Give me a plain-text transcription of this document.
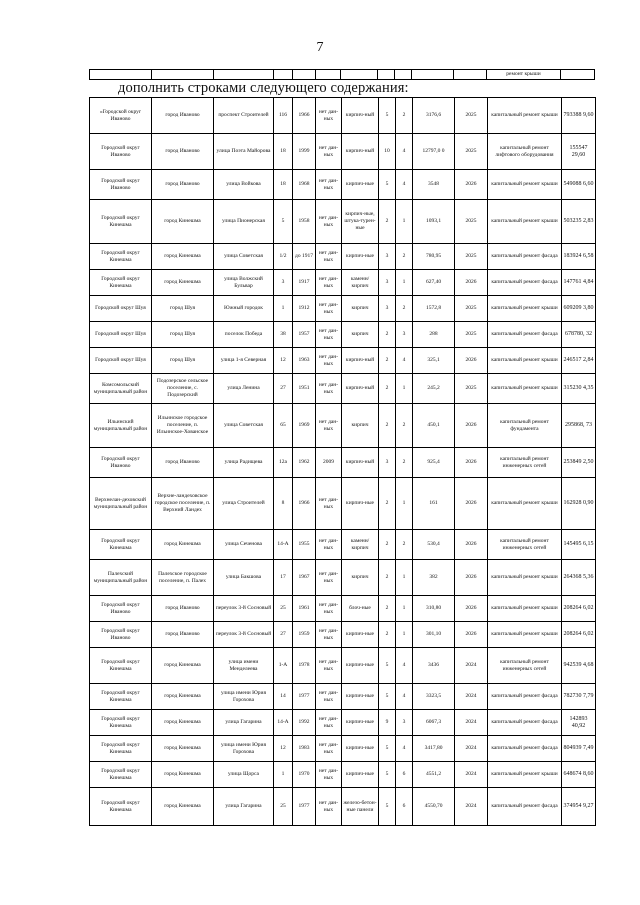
7
											ремонт крыши	
дополнить строками следующего содержания:
«Городской округ Иваново	город Иваново	проспект Строителей	116	1966	нет дан-ных	кирпич-ный	5	2	3176,6	2025	капитальный ремонт крыши	793388 9,60
Городской округ Иваново	город Иваново	улица Поэта Майорова	18	1999	нет дан-ных	кирпич-ный	10	4	12797,0 0	2025	капитальный ремонт лифтового оборудования	155547 29,60
Городской округ Иваново	город Иваново	улица Войкова	18	1968	нет дан-ных	кирпич-ные	5	4	3548	2026	капитальный ремонт крыши	549088 6,60
Городской округ Кинешма	город Кинешма	улица Пионерская	5	1958	нет дан-ных	кирпич-ные, штука-турен-ные	2	1	1093,1	2025	капитальный ремонт крыши	503235 2,83
Городской округ Кинешма	город Кинешма	улица Советская	1/2	до 1917	нет дан-ных	кирпич-ные	3	2	780,95	2025	капитальный ремонт фасада	183924 6,58
Городской округ Кинешма	город Кинешма	улица Волжский Бульвар	3	1917	нет дан-ных	каменн/ кирпич	3	1	627,40	2026	капитальный ремонт фасада	147761 4,84
Городской округ Шуя	город Шуя	Южный городок	1	1912	нет дан-ных	кирпич	3	2	1572,8	2025	капитальный ремонт крыши	609209 3,80
Городской округ Шуя	город Шуя	поселок Победа	38	1957	нет дан-ных	кирпич	2	3	288	2025	капитальный ремонт фасада	678780, 32
Городской округ Шуя	город Шуя	улица 1-я Северная	12	1963	нет дан-ных	кирпич-ный	2	4	325,1	2026	капитальный ремонт крыши	246517 2,84
Комсомольский муниципальный район	Подозерское сельское поселение, с. Подозерский	улица Ленина	27	1951	нет дан-ных	кирпич-ный	2	1	245,2	2025	капитальный ремонт крыши	315230 4,35
Ильинский муниципальный район	Ильинское городское поселение, п. Ильинское-Хованское	улица Советская	65	1969	нет дан-ных	кирпич	2	2	450,1	2026	капитальный ремонт фундамента	295868, 73
Городской округ Иваново	город Иваново	улица Радищева	12а	1962	2009	кирпич-ный	3	2	925,4	2026	капитальный ремонт инженерных сетей	253849 2,50
Верхнелан-деховский муниципальный район	Верхне-ландеховское городское поселение, п. Верхний Ландех	улица Строителей	8	1966	нет дан-ных	кирпич-ные	2	1	161	2026	капитальный ремонт крыши	162928 0,90
Городской округ Кинешма	город Кинешма	улица Сеченова	14-А	1955	нет дан-ных	каменн/ кирпич	2	2	530,4	2026	капитальный ремонт инженерных сетей	145495 6,15
Палехский муниципальный район	Палехское городское поселение, п. Палех	улица Бакшова	17	1967	нет дан-ных	кирпич	2	1	382	2026	капитальный ремонт крыши	264368 5,36
Городской округ Иваново	город Иваново	переулок 3-й Сосновый	25	1961	нет дан-ных	блоч-ные	2	1	310,80	2026	капитальный ремонт крыши	208264 6,02
Городской округ Иваново	город Иваново	переулок 3-й Сосновый	27	1959	нет дан-ных	кирпич-ные	2	1	301,10	2026	капитальный ремонт крыши	208264 6,02
Городской округ Кинешма	город Кинешма	улица имени Менделеева	1-А	1978	нет дан-ных	кирпич-ные	5	4	3436	2024	капитальный ремонт инженерных сетей	942539 4,68
Городской округ Кинешма	город Кинешма	улица имени Юрия Горохова	14	1977	нет дан-ных	кирпич-ные	5	4	3323,5	2024	капитальный ремонт фасада	782730 7,79
Городской округ Кинешма	город Кинешма	улица Гагарина	14-А	1992	нет дан-ных	кирпич-ные	9	3	6067,3	2024	капитальный ремонт фасада	142893 40,92
Городской округ Кинешма	город Кинешма	улица имени Юрия Горохова	12	1983	нет дан-ных	кирпич-ные	5	4	3417,80	2024	капитальный ремонт фасада	804939 7,49
Городской округ Кинешма	город Кинешма	улица Щорса	1	1970	нет дан-ных	кирпич-ные	5	6	4551,2	2024	капитальный ремонт крыши	648674 8,60
Городской округ Кинешма	город Кинешма	улица Гагарина	25	1977	нет дан-ных	железо-бетон-ные панели	5	6	4550,70	2024	капитальный ремонт фасада	374954 9,27
